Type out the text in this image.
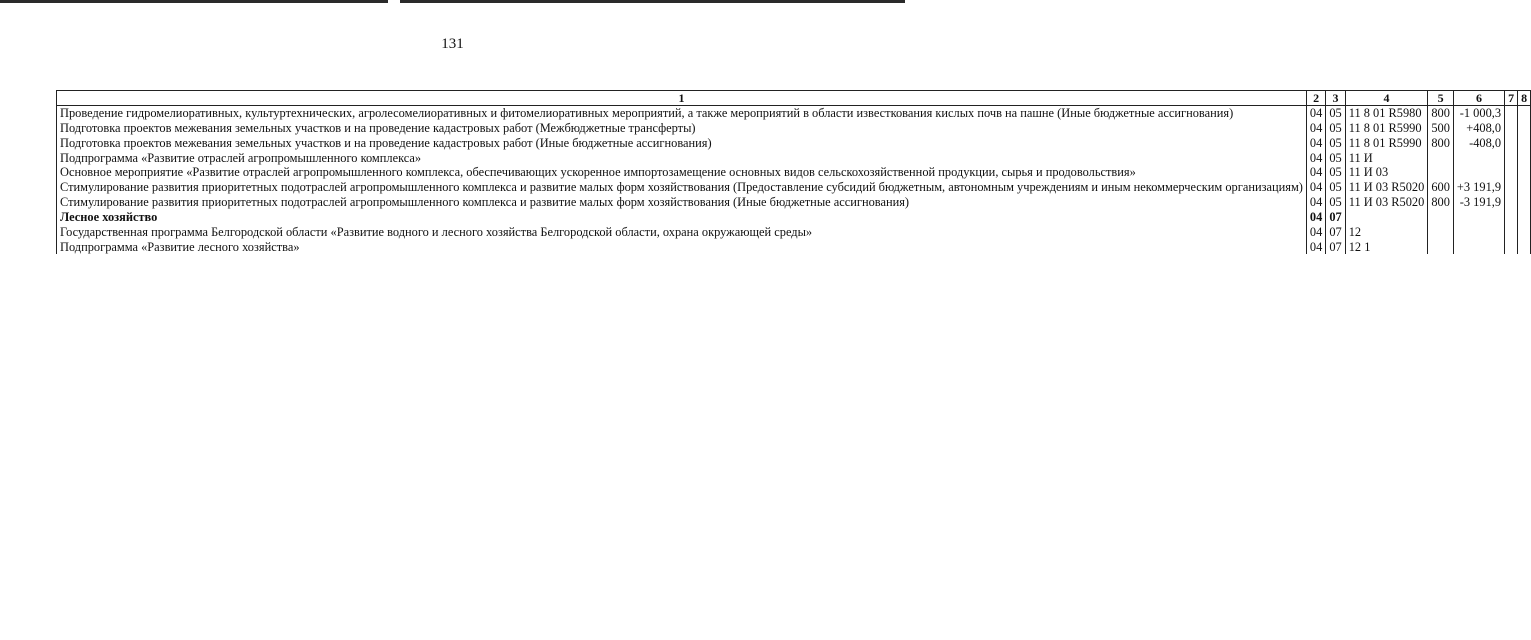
131
1	2	3	4	5	6	7	8
Проведение гидромелиоративных, культуртехнических, агролесомелиоративных и фитомелиоративных мероприятий, а также мероприятий в области известкования кислых почв на пашне (Иные бюджетные ассигнования)	04	05	11 8 01 R5980	800	-1 000,3		
Подготовка проектов межевания земельных участков и на проведение кадастровых работ (Межбюджетные трансферты)	04	05	11 8 01 R5990	500	+408,0		
Подготовка проектов межевания земельных участков и на проведение кадастровых работ (Иные бюджетные ассигнования)	04	05	11 8 01 R5990	800	-408,0		
Подпрограмма «Развитие отраслей агропромышленного комплекса»	04	05	11 И				
Основное мероприятие «Развитие отраслей агропромышленного комплекса, обеспечивающих ускоренное импортозамещение основных видов сельскохозяйственной продукции, сырья и продовольствия»	04	05	11 И 03				
Стимулирование развития приоритетных подотраслей агропромышленного комплекса и развитие малых форм хозяйствования (Предоставление субсидий бюджетным, автономным учреждениям и иным некоммерческим организациям)	04	05	11 И 03 R5020	600	+3 191,9		
Стимулирование развития приоритетных подотраслей агропромышленного комплекса и развитие малых форм хозяйствования (Иные бюджетные ассигнования)	04	05	11 И 03 R5020	800	-3 191,9		
Лесное хозяйство	04	07					
Государственная программа Белгородской области «Развитие водного и лесного хозяйства Белгородской области, охрана окружающей среды»	04	07	12				
Подпрограмма «Развитие лесного хозяйства»	04	07	12 1				
